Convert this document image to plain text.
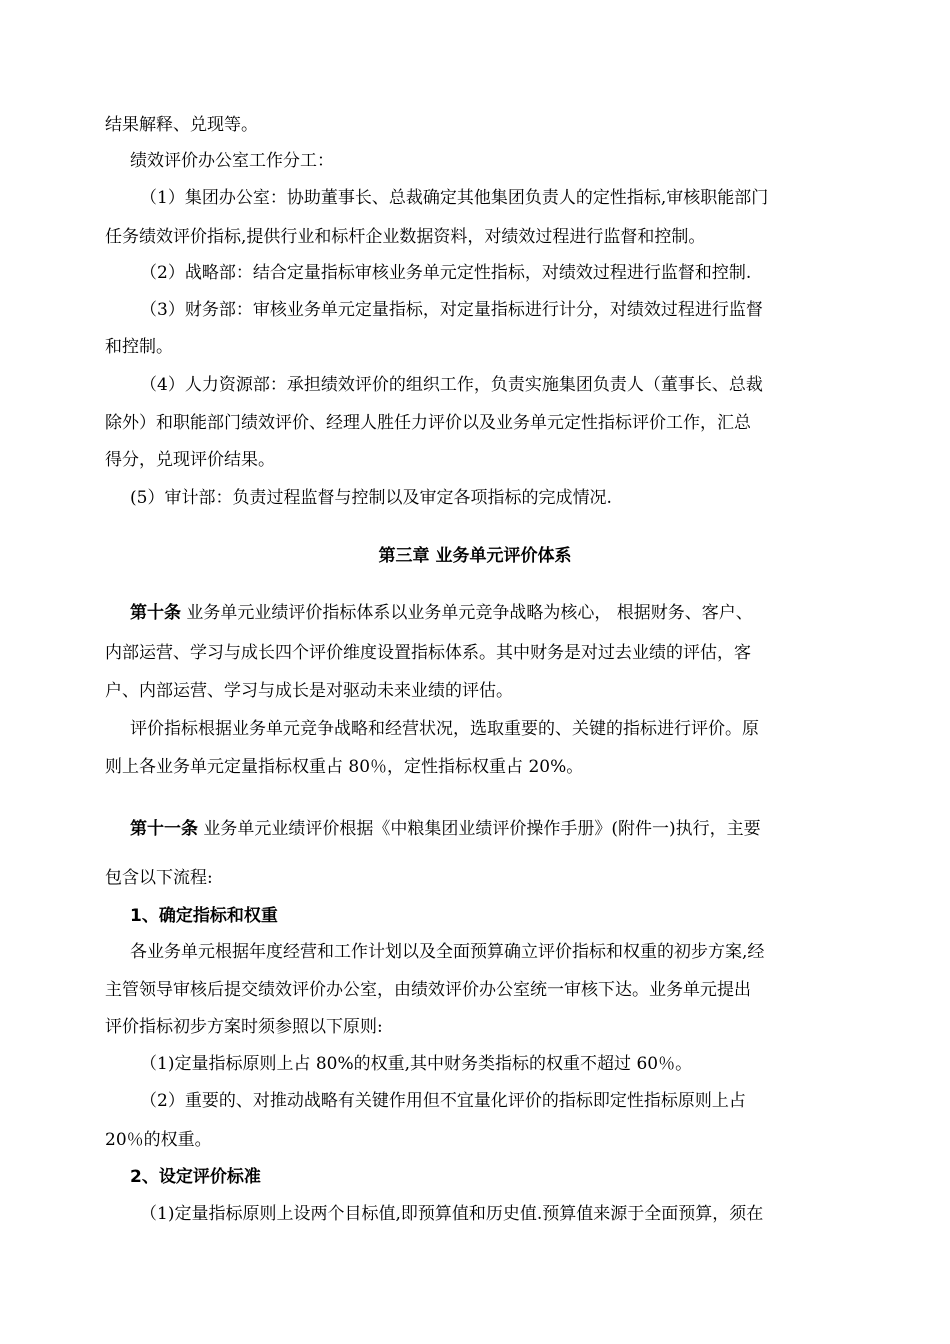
结果解释、兑现等。
绩效评价办公室工作分工：
（1）集团办公室：协助董事长、总裁确定其他集团负责人的定性指标,审核职能部门
任务绩效评价指标,提供行业和标杆企业数据资料，对绩效过程进行监督和控制。
（2）战略部：结合定量指标审核业务单元定性指标，对绩效过程进行监督和控制.
（3）财务部：审核业务单元定量指标，对定量指标进行计分，对绩效过程进行监督
和控制。
（4）人力资源部：承担绩效评价的组织工作，负责实施集团负责人（董事长、总裁
除外）和职能部门绩效评价、经理人胜任力评价以及业务单元定性指标评价工作，汇总
得分，兑现评价结果。
(5）审计部：负责过程监督与控制以及审定各项指标的完成情况.
第三章 业务单元评价体系
第十条 业务单元业绩评价指标体系以业务单元竞争战略为核心， 根据财务、客户、
内部运营、学习与成长四个评价维度设置指标体系。其中财务是对过去业绩的评估，客
户、内部运营、学习与成长是对驱动未来业绩的评估。
评价指标根据业务单元竞争战略和经营状况，选取重要的、关键的指标进行评价。原
则上各业务单元定量指标权重占 80％，定性指标权重占 20%。
第十一条 业务单元业绩评价根据《中粮集团业绩评价操作手册》(附件一)执行，主要
包含以下流程:
1、确定指标和权重
各业务单元根据年度经营和工作计划以及全面预算确立评价指标和权重的初步方案,经
主管领导审核后提交绩效评价办公室，由绩效评价办公室统一审核下达。业务单元提出
评价指标初步方案时须参照以下原则:
（1)定量指标原则上占 80%的权重,其中财务类指标的权重不超过 60％。
（2）重要的、对推动战略有关键作用但不宜量化评价的指标即定性指标原则上占
20％的权重。
2、设定评价标准
（1)定量指标原则上设两个目标值,即预算值和历史值.预算值来源于全面预算，须在
